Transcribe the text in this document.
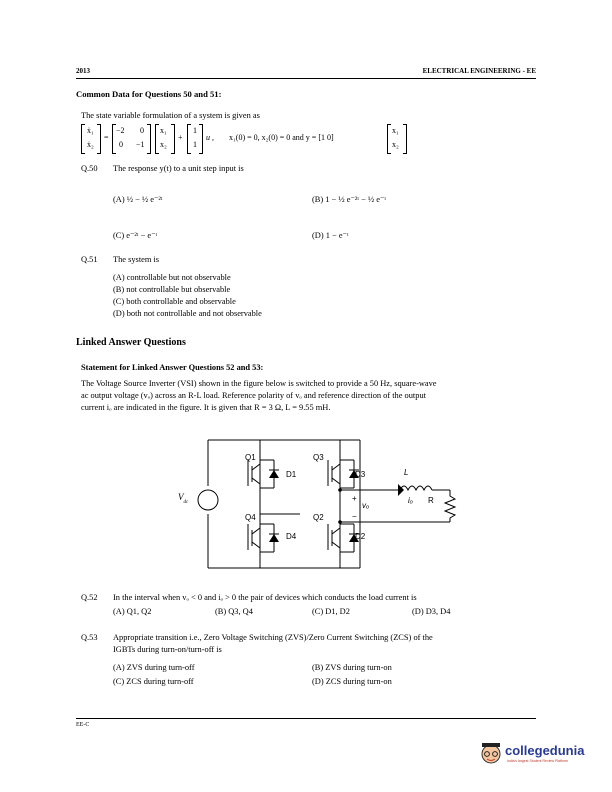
2013	ELECTRICAL ENGINEERING - EE
Common Data for Questions 50 and 51:
The state variable formulation of a system is given as
ẋ₁
ẋ₂
=
−2 0
0 −1
x₁
x₂
+
1
1
u , x₁(0) = 0, x₂(0) = 0 and y = [1 0]
x₁
x₂
Q.50 The response y(t) to a unit step input is
(A) ½ − ½ e⁻²ᵗ	(B) 1 − ½ e⁻²ᵗ − ½ e⁻ᵗ
(C) e⁻²ᵗ − e⁻ᵗ	(D) 1 − e⁻ᵗ
Q.51 The system is
(A) controllable but not observable
(B) not controllable but observable
(C) both controllable and observable
(D) both not controllable and not observable
Linked Answer Questions
Statement for Linked Answer Questions 52 and 53:
The Voltage Source Inverter (VSI) shown in the figure below is switched to provide a 50 Hz, square-wave
ac output voltage (vₒ) across an R-L load. Reference polarity of vₒ and reference direction of the output
current iₒ are indicated in the figure. It is given that R = 3 Ω, L = 9.55 mH.
Q1	Q3
D1	D3
Q4	Q2
D4	D2
L
R
iₒ
+
vₒ
−
$V_{dc}$
Q.52 In the interval when vₒ < 0 and iₒ > 0 the pair of devices which conducts the load current is
(A) Q1, Q2	(B) Q3, Q4	(C) D1, D2	(D) D3, D4
Q.53 Appropriate transition i.e., Zero Voltage Switching (ZVS)/Zero Current Switching (ZCS) of the
IGBTs during turn-on/turn-off is
(A) ZVS during turn-off	(B) ZVS during turn-on
(C) ZCS during turn-off	(D) ZCS during turn-on
EE-C
collegedunia
India's largest Student Review Platform
